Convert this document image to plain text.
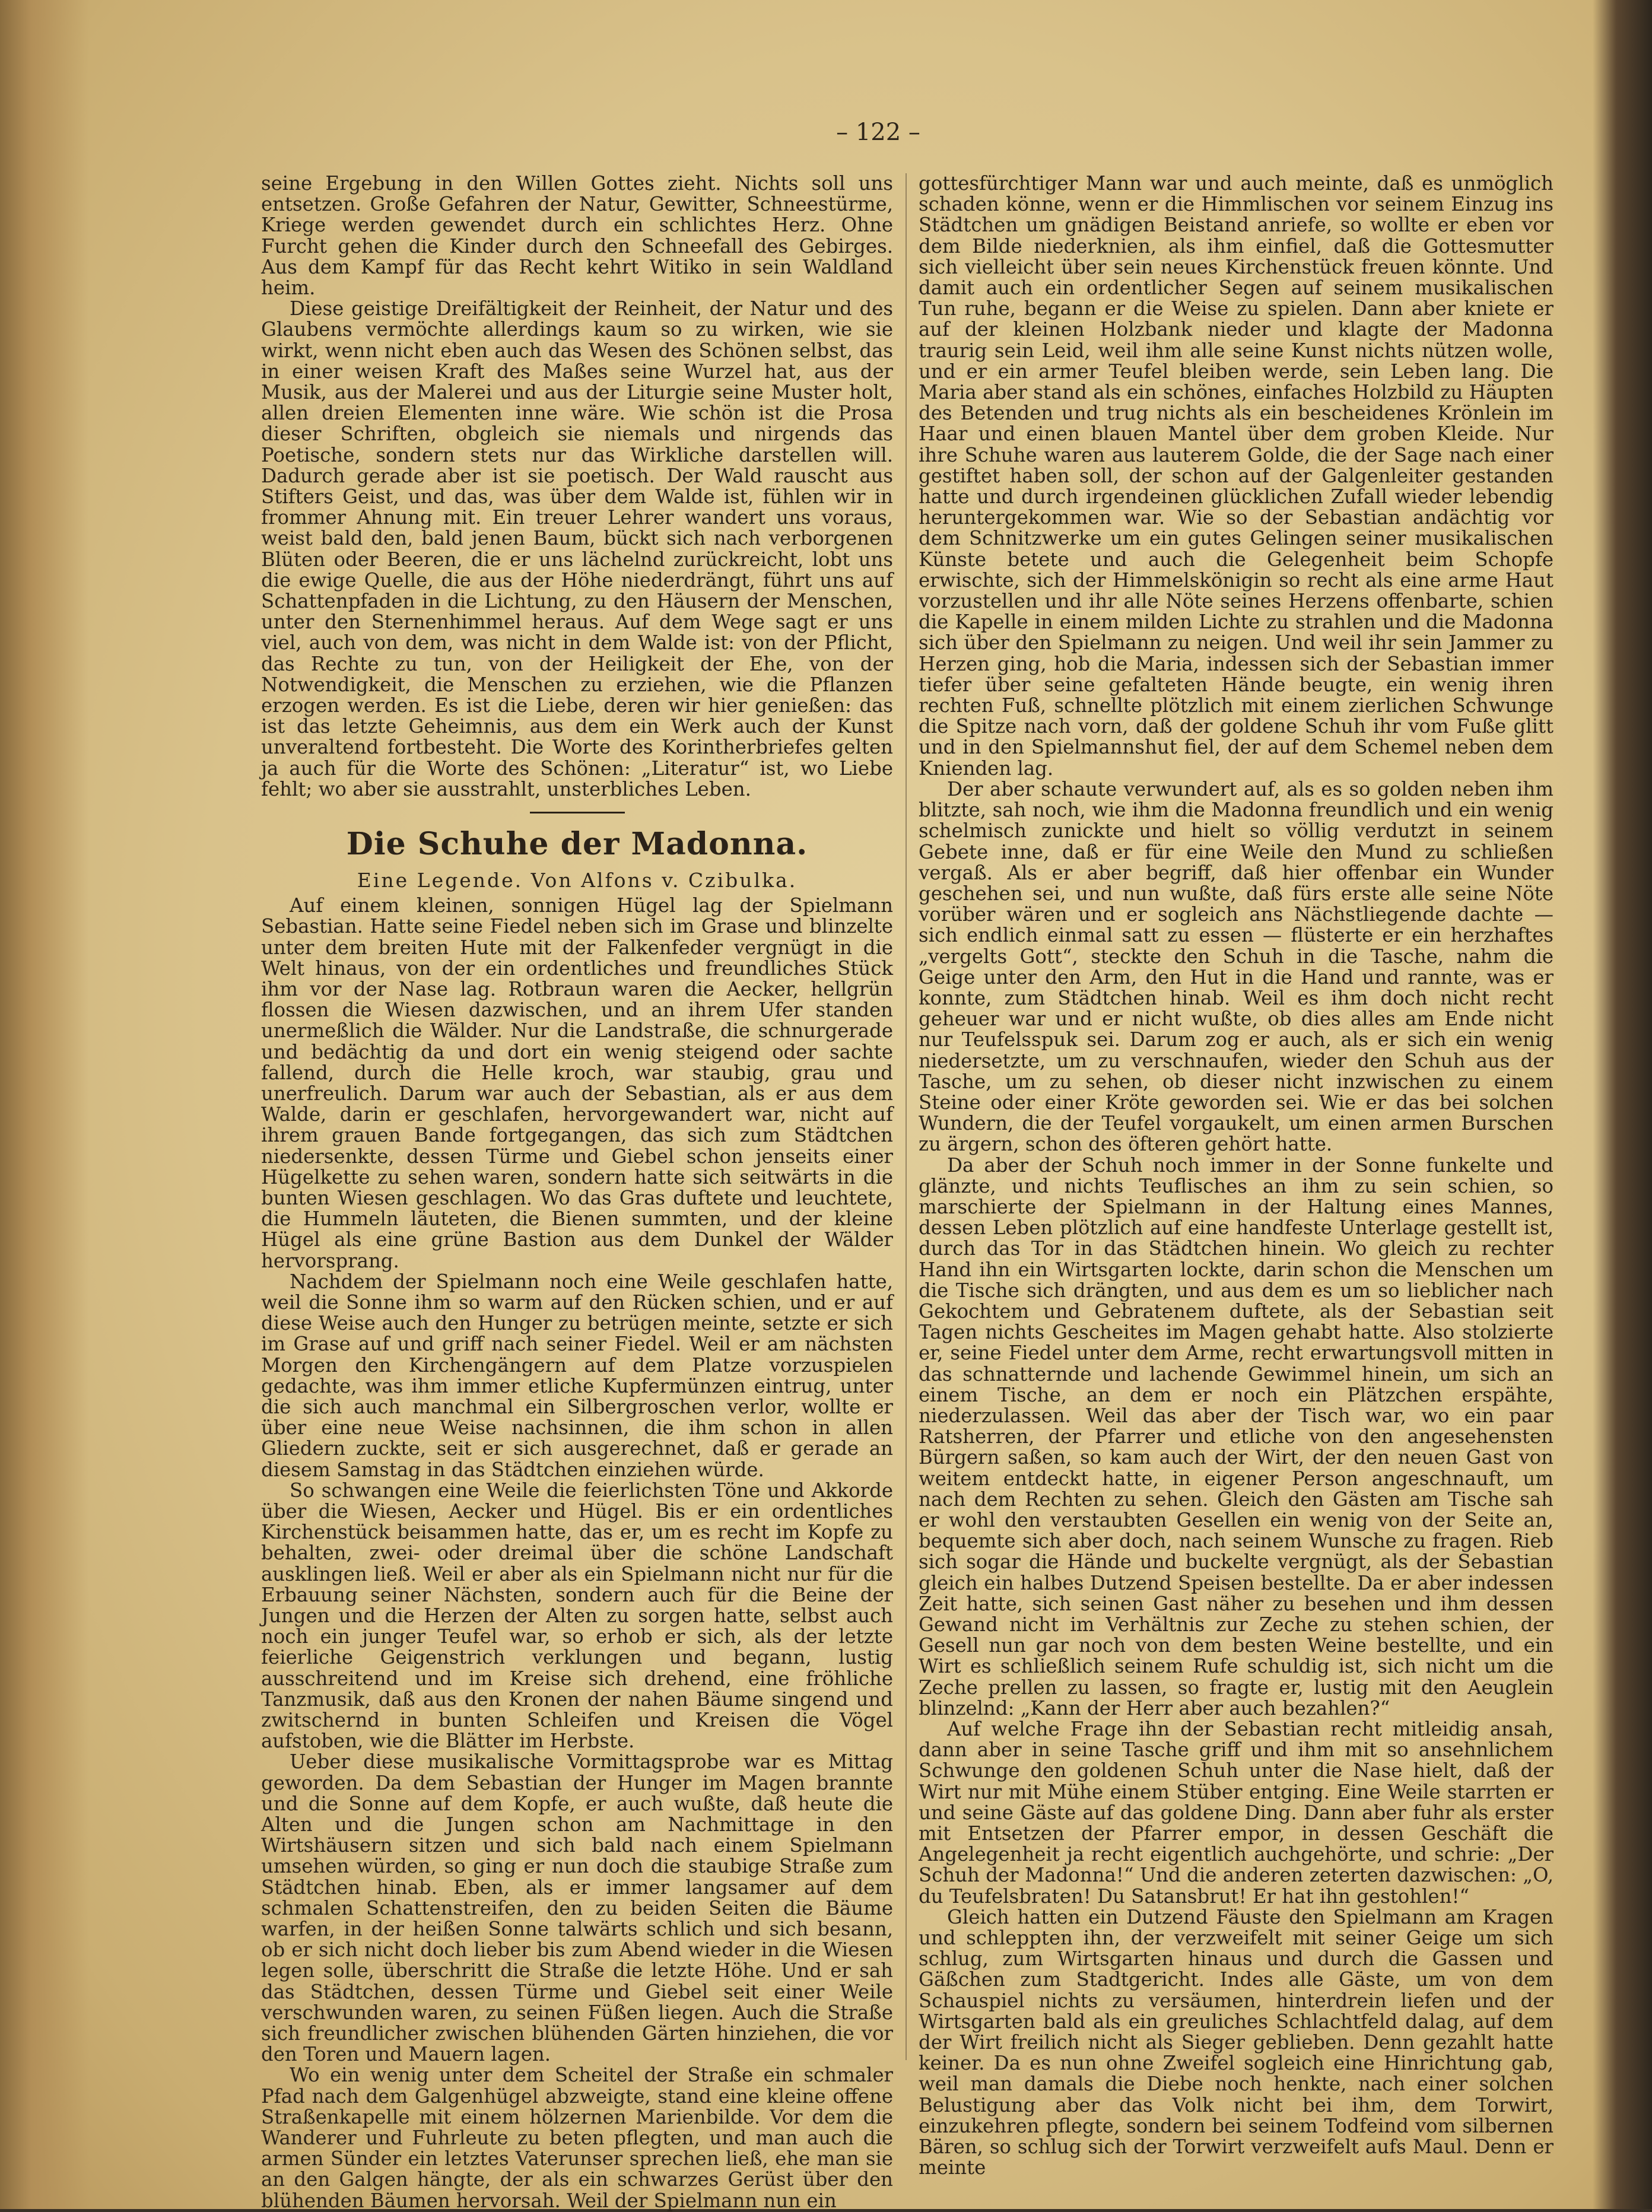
– 122 –

seine Ergebung in den Willen Gottes zieht. Nichts soll uns entsetzen. Große Gefahren der Natur, Gewitter, Schneestürme, Kriege werden gewendet durch ein schlichtes Herz. Ohne Furcht gehen die Kinder durch den Schneefall des Gebirges. Aus dem Kampf für das Recht kehrt Witiko in sein Waldland heim.

Diese geistige Dreifältigkeit der Reinheit, der Natur und des Glaubens vermöchte allerdings kaum so zu wirken, wie sie wirkt, wenn nicht eben auch das Wesen des Schönen selbst, das in einer weisen Kraft des Maßes seine Wurzel hat, aus der Musik, aus der Malerei und aus der Liturgie seine Muster holt, allen dreien Elementen inne wäre. Wie schön ist die Prosa dieser Schriften, obgleich sie niemals und nirgends das Poetische, sondern stets nur das Wirkliche darstellen will. Dadurch gerade aber ist sie poetisch. Der Wald rauscht aus Stifters Geist, und das, was über dem Walde ist, fühlen wir in frommer Ahnung mit. Ein treuer Lehrer wandert uns voraus, weist bald den, bald jenen Baum, bückt sich nach verborgenen Blüten oder Beeren, die er uns lächelnd zurückreicht, lobt uns die ewige Quelle, die aus der Höhe niederdrängt, führt uns auf Schattenpfaden in die Lichtung, zu den Häusern der Menschen, unter den Sternenhimmel heraus. Auf dem Wege sagt er uns viel, auch von dem, was nicht in dem Walde ist: von der Pflicht, das Rechte zu tun, von der Heiligkeit der Ehe, von der Notwendigkeit, die Menschen zu erziehen, wie die Pflanzen erzogen werden. Es ist die Liebe, deren wir hier genießen: das ist das letzte Geheimnis, aus dem ein Werk auch der Kunst unveraltend fortbesteht. Die Worte des Korintherbriefes gelten ja auch für die Worte des Schönen: „Literatur“ ist, wo Liebe fehlt; wo aber sie ausstrahlt, unsterbliches Leben.

Die Schuhe der Madonna.
Eine Legende. Von Alfons v. Czibulka.

Auf einem kleinen, sonnigen Hügel lag der Spielmann Sebastian. Hatte seine Fiedel neben sich im Grase und blinzelte unter dem breiten Hute mit der Falkenfeder vergnügt in die Welt hinaus, von der ein ordentliches und freundliches Stück ihm vor der Nase lag. Rotbraun waren die Aecker, hellgrün flossen die Wiesen dazwischen, und an ihrem Ufer standen unermeßlich die Wälder. Nur die Landstraße, die schnurgerade und bedächtig da und dort ein wenig steigend oder sachte fallend, durch die Helle kroch, war staubig, grau und unerfreulich. Darum war auch der Sebastian, als er aus dem Walde, darin er geschlafen, hervorgewandert war, nicht auf ihrem grauen Bande fortgegangen, das sich zum Städtchen niedersenkte, dessen Türme und Giebel schon jenseits einer Hügelkette zu sehen waren, sondern hatte sich seitwärts in die bunten Wiesen geschlagen. Wo das Gras duftete und leuchtete, die Hummeln läuteten, die Bienen summten, und der kleine Hügel als eine grüne Bastion aus dem Dunkel der Wälder hervorsprang.

Nachdem der Spielmann noch eine Weile geschlafen hatte, weil die Sonne ihm so warm auf den Rücken schien, und er auf diese Weise auch den Hunger zu betrügen meinte, setzte er sich im Grase auf und griff nach seiner Fiedel. Weil er am nächsten Morgen den Kirchengängern auf dem Platze vorzuspielen gedachte, was ihm immer etliche Kupfermünzen eintrug, unter die sich auch manchmal ein Silbergroschen verlor, wollte er über eine neue Weise nachsinnen, die ihm schon in allen Gliedern zuckte, seit er sich ausgerechnet, daß er gerade an diesem Samstag in das Städtchen einziehen würde.

So schwangen eine Weile die feierlichsten Töne und Akkorde über die Wiesen, Aecker und Hügel. Bis er ein ordentliches Kirchenstück beisammen hatte, das er, um es recht im Kopfe zu behalten, zwei- oder dreimal über die schöne Landschaft ausklingen ließ. Weil er aber als ein Spielmann nicht nur für die Erbauung seiner Nächsten, sondern auch für die Beine der Jungen und die Herzen der Alten zu sorgen hatte, selbst auch noch ein junger Teufel war, so erhob er sich, als der letzte feierliche Geigenstrich verklungen und begann, lustig ausschreitend und im Kreise sich drehend, eine fröhliche Tanzmusik, daß aus den Kronen der nahen Bäume singend und zwitschernd in bunten Schleifen und Kreisen die Vögel aufstoben, wie die Blätter im Herbste.

Ueber diese musikalische Vormittagsprobe war es Mittag geworden. Da dem Sebastian der Hunger im Magen brannte und die Sonne auf dem Kopfe, er auch wußte, daß heute die Alten und die Jungen schon am Nachmittage in den Wirtshäusern sitzen und sich bald nach einem Spielmann umsehen würden, so ging er nun doch die staubige Straße zum Städtchen hinab. Eben, als er immer langsamer auf dem schmalen Schattenstreifen, den zu beiden Seiten die Bäume warfen, in der heißen Sonne talwärts schlich und sich besann, ob er sich nicht doch lieber bis zum Abend wieder in die Wiesen legen solle, überschritt die Straße die letzte Höhe. Und er sah das Städtchen, dessen Türme und Giebel seit einer Weile verschwunden waren, zu seinen Füßen liegen. Auch die Straße sich freundlicher zwischen blühenden Gärten hinziehen, die vor den Toren und Mauern lagen.

Wo ein wenig unter dem Scheitel der Straße ein schmaler Pfad nach dem Galgenhügel abzweigte, stand eine kleine offene Straßenkapelle mit einem hölzernen Marienbilde. Vor dem die Wanderer und Fuhrleute zu beten pflegten, und man auch die armen Sünder ein letztes Vaterunser sprechen ließ, ehe man sie an den Galgen hängte, der als ein schwarzes Gerüst über den blühenden Bäumen hervorsah. Weil der Spielmann nun ein

gottesfürchtiger Mann war und auch meinte, daß es unmöglich schaden könne, wenn er die Himmlischen vor seinem Einzug ins Städtchen um gnädigen Beistand anriefe, so wollte er eben vor dem Bilde niederknien, als ihm einfiel, daß die Gottesmutter sich vielleicht über sein neues Kirchenstück freuen könnte. Und damit auch ein ordentlicher Segen auf seinem musikalischen Tun ruhe, begann er die Weise zu spielen. Dann aber kniete er auf der kleinen Holzbank nieder und klagte der Madonna traurig sein Leid, weil ihm alle seine Kunst nichts nützen wolle, und er ein armer Teufel bleiben werde, sein Leben lang. Die Maria aber stand als ein schönes, einfaches Holzbild zu Häupten des Betenden und trug nichts als ein bescheidenes Krönlein im Haar und einen blauen Mantel über dem groben Kleide. Nur ihre Schuhe waren aus lauterem Golde, die der Sage nach einer gestiftet haben soll, der schon auf der Galgenleiter gestanden hatte und durch irgendeinen glücklichen Zufall wieder lebendig heruntergekommen war. Wie so der Sebastian andächtig vor dem Schnitzwerke um ein gutes Gelingen seiner musikalischen Künste betete und auch die Gelegenheit beim Schopfe erwischte, sich der Himmelskönigin so recht als eine arme Haut vorzustellen und ihr alle Nöte seines Herzens offenbarte, schien die Kapelle in einem milden Lichte zu strahlen und die Madonna sich über den Spielmann zu neigen. Und weil ihr sein Jammer zu Herzen ging, hob die Maria, indessen sich der Sebastian immer tiefer über seine gefalteten Hände beugte, ein wenig ihren rechten Fuß, schnellte plötzlich mit einem zierlichen Schwunge die Spitze nach vorn, daß der goldene Schuh ihr vom Fuße glitt und in den Spielmannshut fiel, der auf dem Schemel neben dem Knienden lag.

Der aber schaute verwundert auf, als es so golden neben ihm blitzte, sah noch, wie ihm die Madonna freundlich und ein wenig schelmisch zunickte und hielt so völlig verdutzt in seinem Gebete inne, daß er für eine Weile den Mund zu schließen vergaß. Als er aber begriff, daß hier offenbar ein Wunder geschehen sei, und nun wußte, daß fürs erste alle seine Nöte vorüber wären und er sogleich ans Nächstliegende dachte — sich endlich einmal satt zu essen — flüsterte er ein herzhaftes „vergelts Gott“, steckte den Schuh in die Tasche, nahm die Geige unter den Arm, den Hut in die Hand und rannte, was er konnte, zum Städtchen hinab. Weil es ihm doch nicht recht geheuer war und er nicht wußte, ob dies alles am Ende nicht nur Teufelsspuk sei. Darum zog er auch, als er sich ein wenig niedersetzte, um zu verschnaufen, wieder den Schuh aus der Tasche, um zu sehen, ob dieser nicht inzwischen zu einem Steine oder einer Kröte geworden sei. Wie er das bei solchen Wundern, die der Teufel vorgaukelt, um einen armen Burschen zu ärgern, schon des öfteren gehört hatte.

Da aber der Schuh noch immer in der Sonne funkelte und glänzte, und nichts Teuflisches an ihm zu sein schien, so marschierte der Spielmann in der Haltung eines Mannes, dessen Leben plötzlich auf eine handfeste Unterlage gestellt ist, durch das Tor in das Städtchen hinein. Wo gleich zu rechter Hand ihn ein Wirtsgarten lockte, darin schon die Menschen um die Tische sich drängten, und aus dem es um so lieblicher nach Gekochtem und Gebratenem duftete, als der Sebastian seit Tagen nichts Gescheites im Magen gehabt hatte. Also stolzierte er, seine Fiedel unter dem Arme, recht erwartungsvoll mitten in das schnatternde und lachende Gewimmel hinein, um sich an einem Tische, an dem er noch ein Plätzchen erspähte, niederzulassen. Weil das aber der Tisch war, wo ein paar Ratsherren, der Pfarrer und etliche von den angesehensten Bürgern saßen, so kam auch der Wirt, der den neuen Gast von weitem entdeckt hatte, in eigener Person angeschnauft, um nach dem Rechten zu sehen. Gleich den Gästen am Tische sah er wohl den verstaubten Gesellen ein wenig von der Seite an, bequemte sich aber doch, nach seinem Wunsche zu fragen. Rieb sich sogar die Hände und buckelte vergnügt, als der Sebastian gleich ein halbes Dutzend Speisen bestellte. Da er aber indessen Zeit hatte, sich seinen Gast näher zu besehen und ihm dessen Gewand nicht im Verhältnis zur Zeche zu stehen schien, der Gesell nun gar noch von dem besten Weine bestellte, und ein Wirt es schließlich seinem Rufe schuldig ist, sich nicht um die Zeche prellen zu lassen, so fragte er, lustig mit den Aeuglein blinzelnd: „Kann der Herr aber auch bezahlen?“

Auf welche Frage ihn der Sebastian recht mitleidig ansah, dann aber in seine Tasche griff und ihm mit so ansehnlichem Schwunge den goldenen Schuh unter die Nase hielt, daß der Wirt nur mit Mühe einem Stüber entging. Eine Weile starrten er und seine Gäste auf das goldene Ding. Dann aber fuhr als erster mit Entsetzen der Pfarrer empor, in dessen Geschäft die Angelegenheit ja recht eigentlich auchgehörte, und schrie: „Der Schuh der Madonna!“ Und die anderen zeterten dazwischen: „O, du Teufelsbraten! Du Satansbrut! Er hat ihn gestohlen!“

Gleich hatten ein Dutzend Fäuste den Spielmann am Kragen und schleppten ihn, der verzweifelt mit seiner Geige um sich schlug, zum Wirtsgarten hinaus und durch die Gassen und Gäßchen zum Stadtgericht. Indes alle Gäste, um von dem Schauspiel nichts zu versäumen, hinterdrein liefen und der Wirtsgarten bald als ein greuliches Schlachtfeld dalag, auf dem der Wirt freilich nicht als Sieger geblieben. Denn gezahlt hatte keiner. Da es nun ohne Zweifel sogleich eine Hinrichtung gab, weil man damals die Diebe noch henkte, nach einer solchen Belustigung aber das Volk nicht bei ihm, dem Torwirt, einzukehren pflegte, sondern bei seinem Todfeind vom silbernen Bären, so schlug sich der Torwirt verzweifelt aufs Maul. Denn er meinte
